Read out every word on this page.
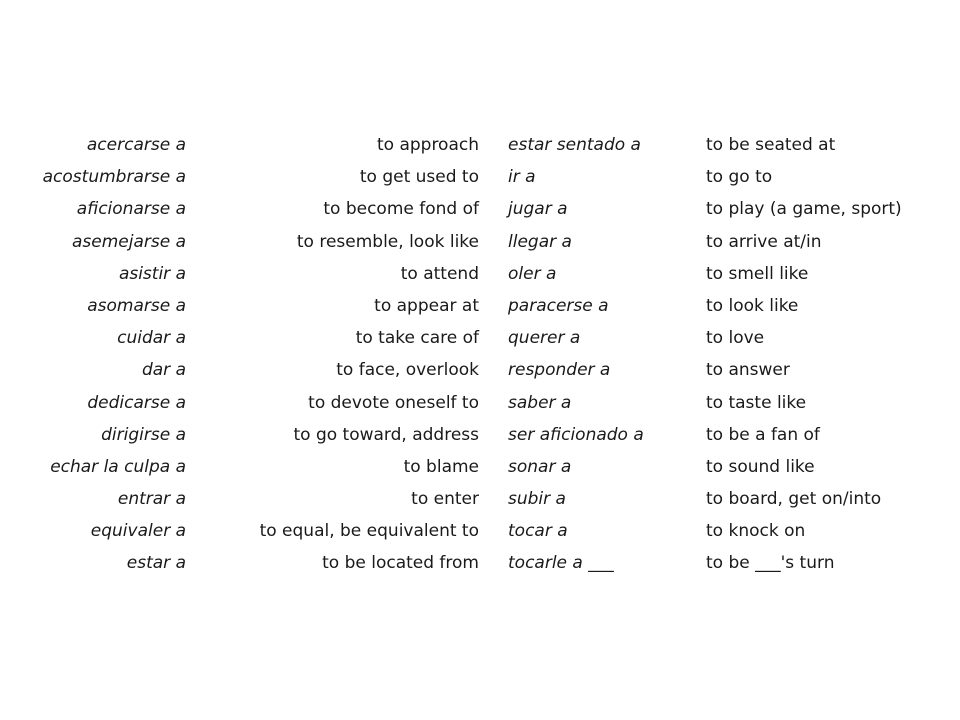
acercarse a	to approach estar sentado a	to be seated at
acostumbrarse a	to get used to ir a	to go to
aficionarse a	to become fond of jugar a	to play (a game, sport)
asemejarse a	to resemble, look like llegar a	to arrive at/in
asistir a	to attend oler a	to smell like
asomarse a	to appear at paracerse a	to look like
cuidar a	to take care of querer a	to love
dar a	to face, overlook responder a	to answer
dedicarse a	to devote oneself to saber a	to taste like
dirigirse a	to go toward, address ser aficionado a	to be a fan of
echar la culpa a	to blame sonar a	to sound like
entrar a	to enter subir a	to board, get on/into
equivaler a	to equal, be equivalent to tocar a	to knock on
estar a	to be located from tocarle a ___	to be ___'s turn
